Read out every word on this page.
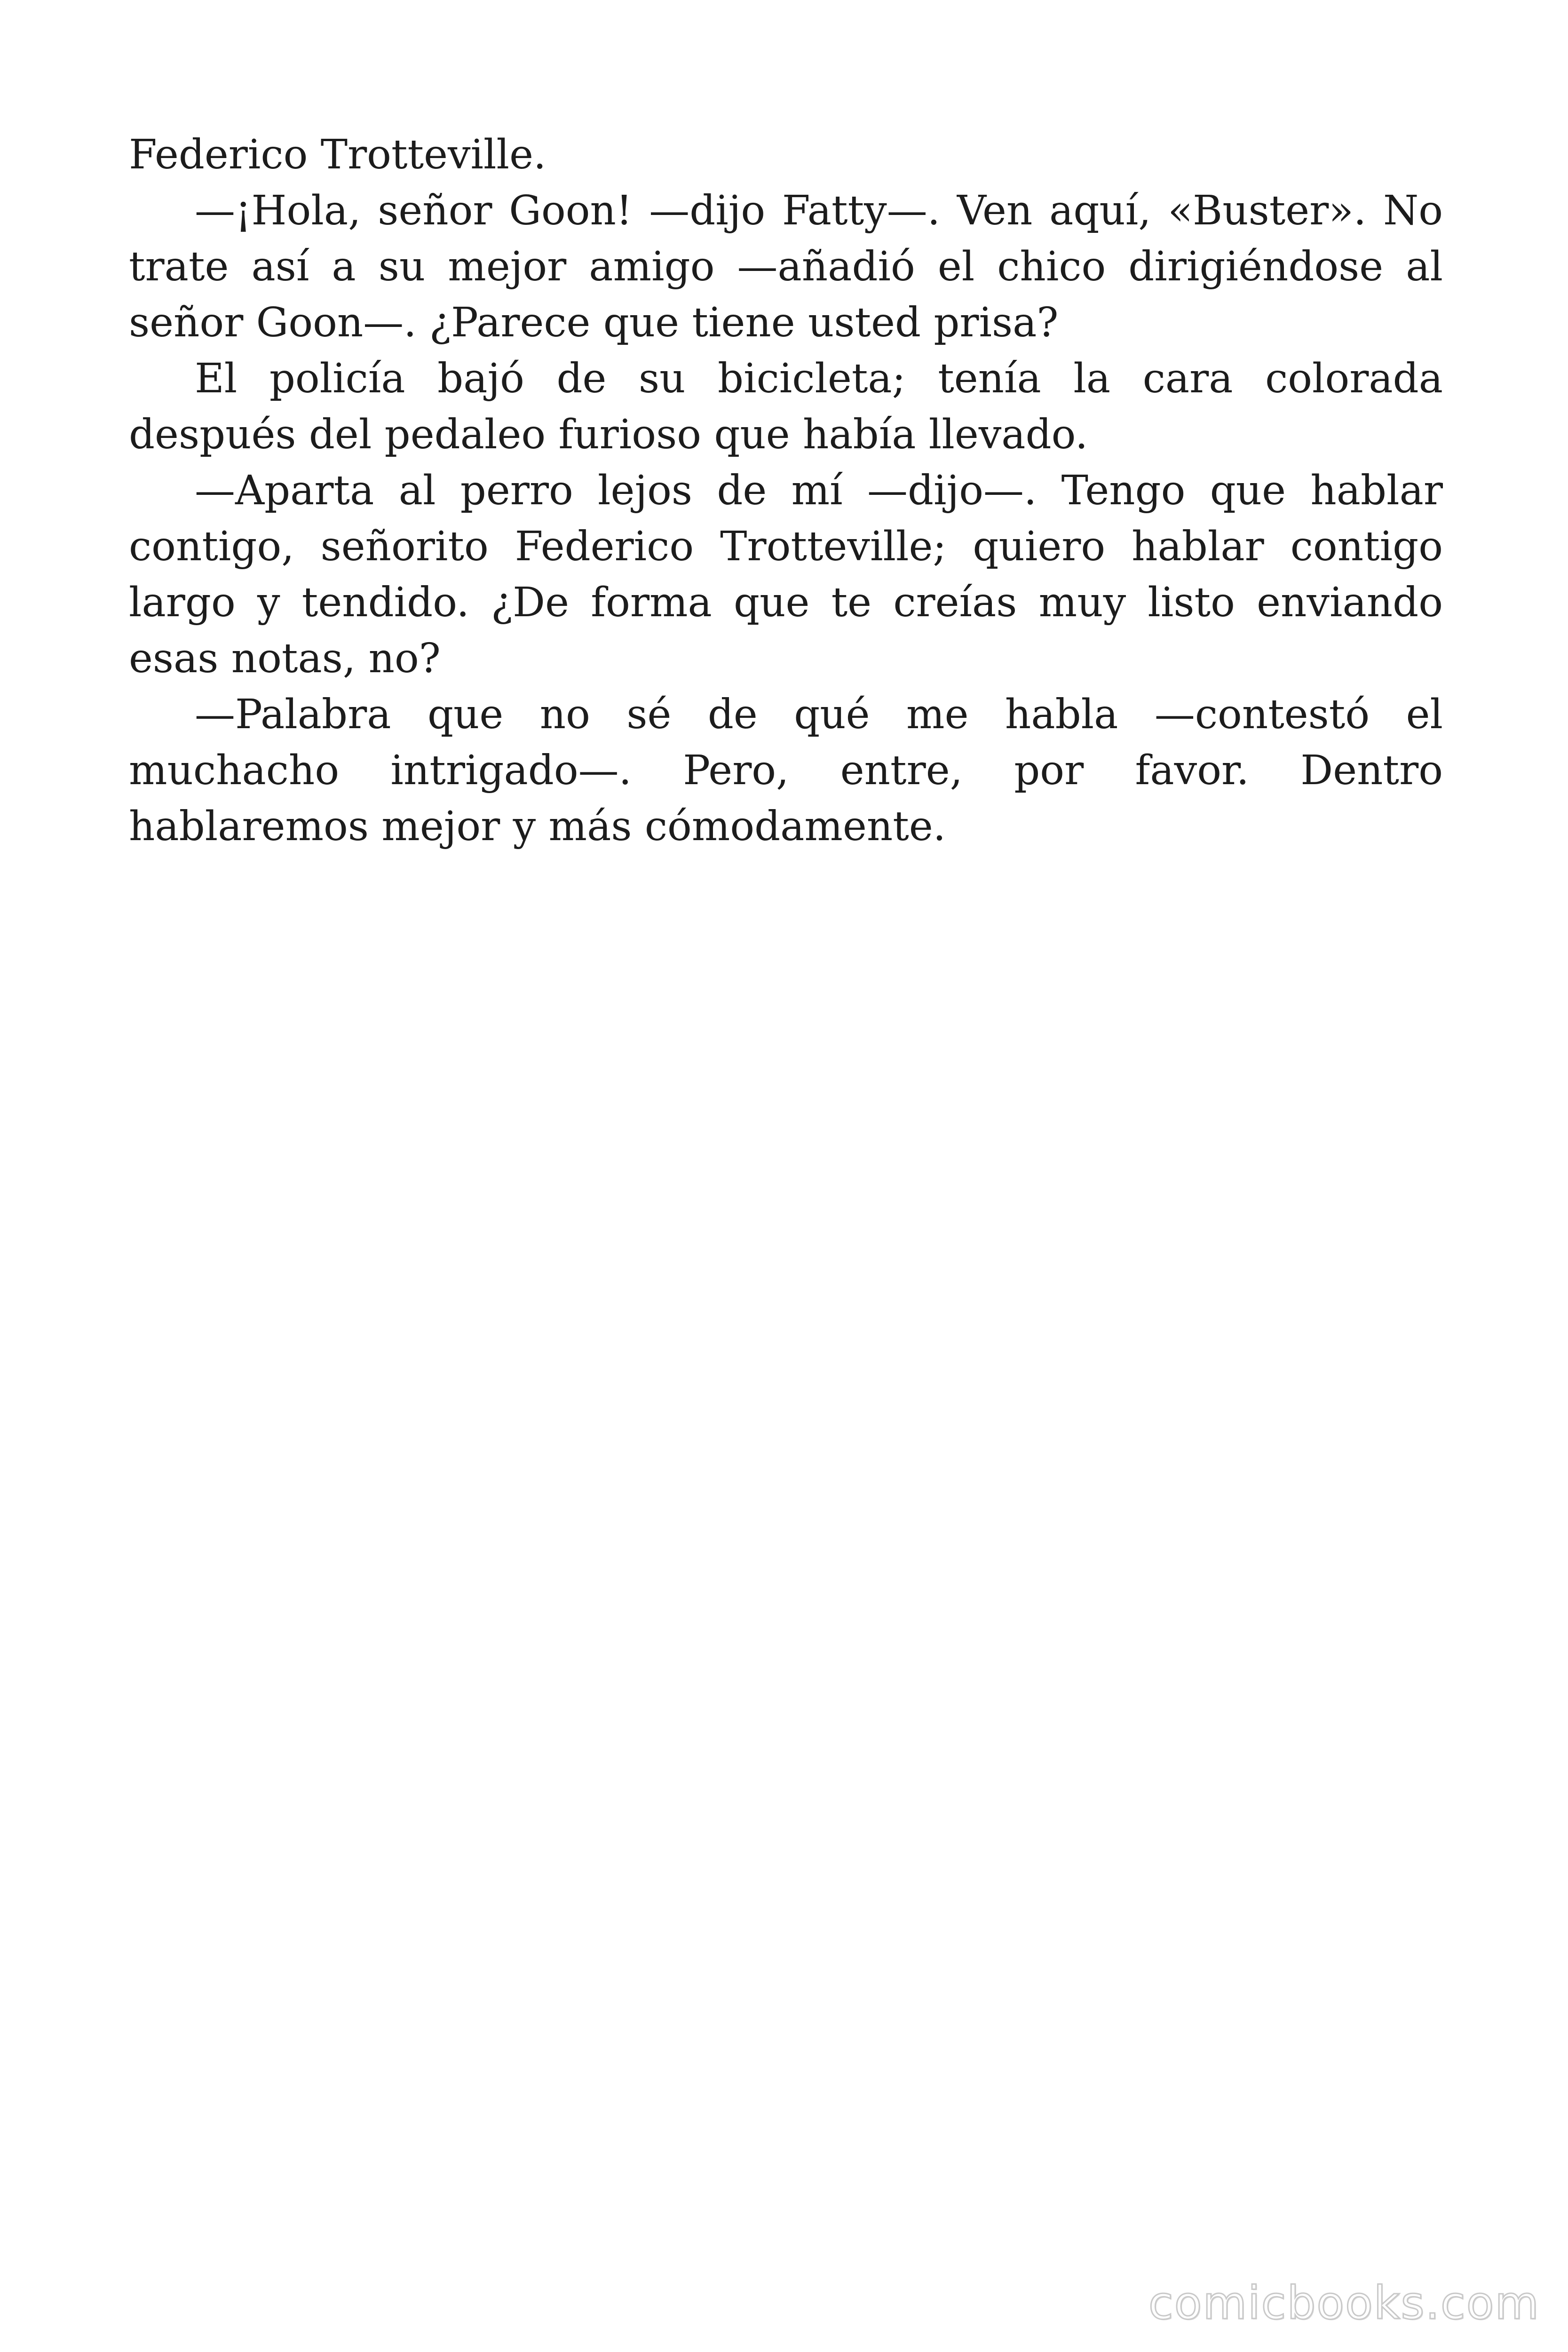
Federico Trotteville.

—¡Hola, señor Goon! —dijo Fatty—. Ven aquí, «Buster». No trate así a su mejor amigo —añadió el chico dirigiéndose al señor Goon—. ¿Parece que tiene usted prisa?

El policía bajó de su bicicleta; tenía la cara colorada después del pedaleo furioso que había llevado.

—Aparta al perro lejos de mí —dijo—. Tengo que hablar contigo, señorito Federico Trotteville; quiero hablar contigo largo y tendido. ¿De forma que te creías muy listo enviando esas notas, no?

—Palabra que no sé de qué me habla —contestó el muchacho intrigado—. Pero, entre, por favor. Dentro hablaremos mejor y más cómodamente.

comicbooks.com
